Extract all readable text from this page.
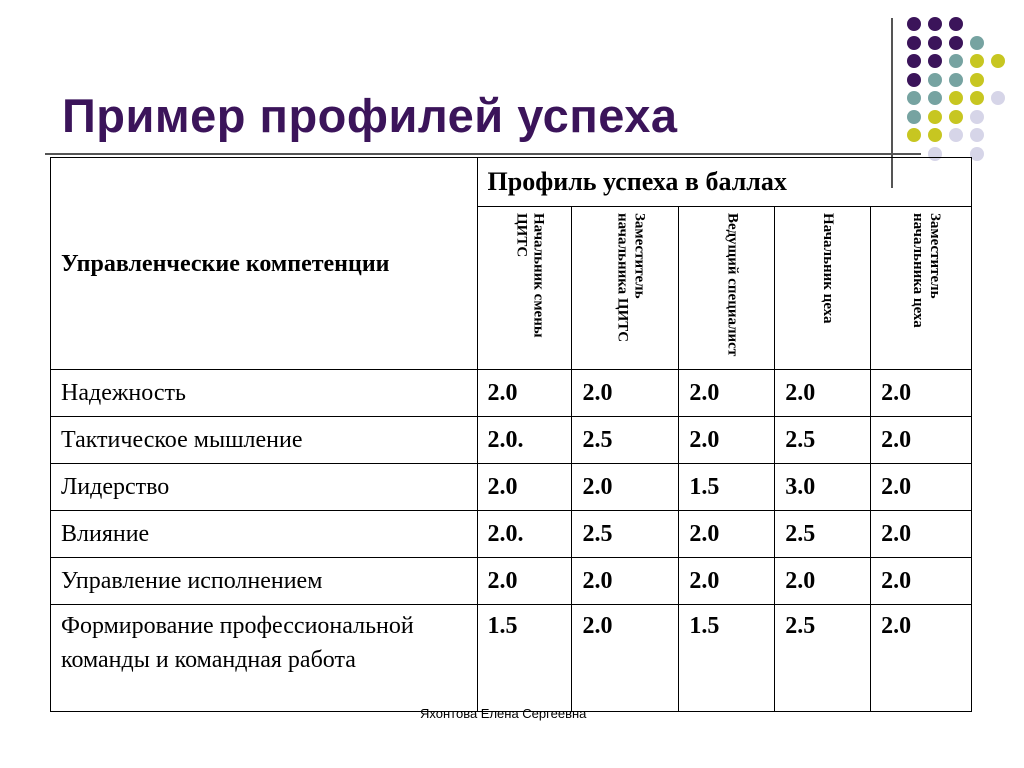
Пример профилей успеха
Управленческие компетенции	Профиль успеха в баллах				

	Начальник смены ЦИТС	Заместитель начальника ЦИТС	Ведущий специалист	Начальник цеха	Заместитель начальника цеха

Надежность	2.0	2.0	2.0	2.0	2.0
Тактическое мышление	2.0.	2.5	2.0	2.5	2.0
Лидерство	2.0	2.0	1.5	3.0	2.0
Влияние	2.0.	2.5	2.0	2.5	2.0
Управление исполнением	2.0	2.0	2.0	2.0	2.0
Формирование профессиональной команды и командная работа	1.5	2.0	1.5	2.5	2.0
Яхонтова Елена Сергеевна
